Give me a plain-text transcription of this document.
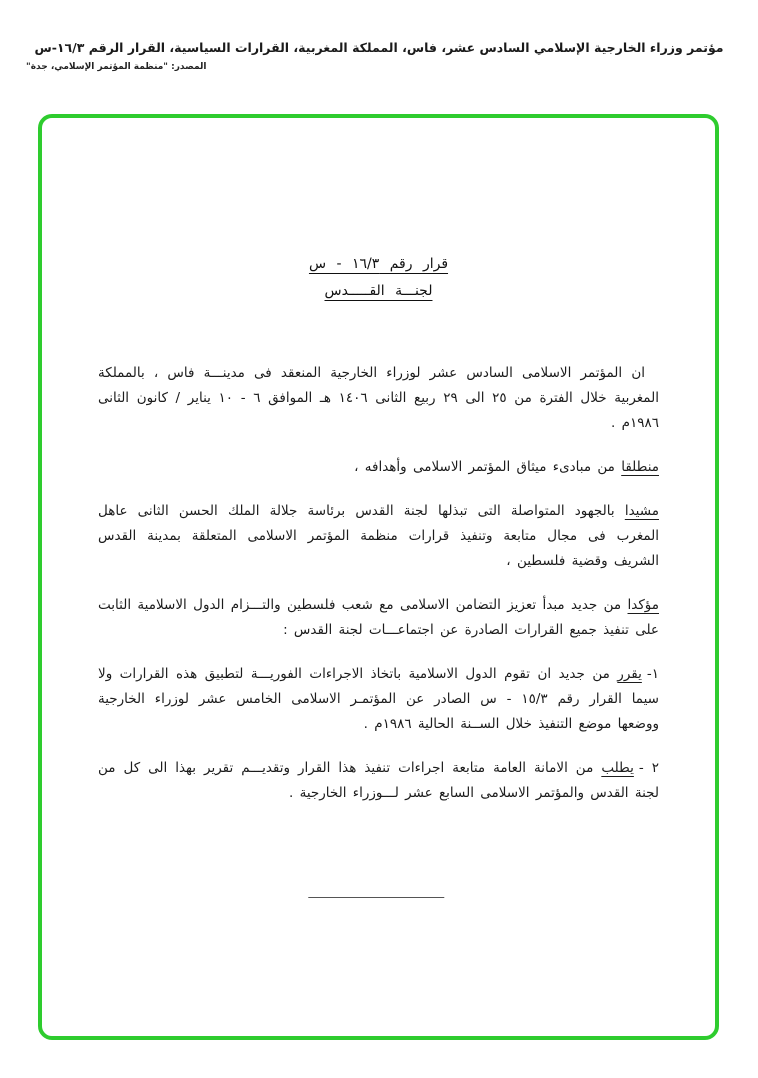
مؤتمر وزراء الخارجية الإسلامي السادس عشر، فاس، المملكة المغربية، القرارات السياسية، القرار الرقم ١٦/٣-س
المصدر: "منظمة المؤتمر الإسلامي، جدة"
قرار رقم ١٦/٣ - س
لجنـــة القـــــدس

ان المؤتمر الاسلامى السادس عشر لوزراء الخارجية المنعقد فى مدينـــة فاس ، بالمملكة المغربية خلال الفترة من ٢٥ الى ٢٩ ربيع الثانى ١٤٠٦ هـ الموافق ٦ - ١٠ يناير / كانون الثانى ١٩٨٦م .

منطلقا من مبادىء ميثاق المؤتمر الاسلامى وأهدافه ،

مشيدا بالجهود المتواصلة التى تبذلها لجنة القدس برئاسة جلالة الملك الحسن الثانى عاهل المغرب فى مجال متابعة وتنفيذ قرارات منظمة المؤتمر الاسلامى المتعلقة بمدينة القدس الشريف وقضية فلسطين ،

مؤكدا من جديد مبدأ تعزيز التضامن الاسلامى مع شعب فلسطين والتـــزام الدول الاسلامية الثابت على تنفيذ جميع القرارات الصادرة عن اجتماعـــات لجنة القدس :

١-يقرر من جديد ان تقوم الدول الاسلامية باتخاذ الاجراءات الفوريـــة لتطبيق هذه القرارات ولا سيما القرار رقم ١٥/٣ - س الصادر عن المؤتمـر الاسلامى الخامس عشر لوزراء الخارجية ووضعها موضع التنفيذ خلال الســنة الحالية ١٩٨٦م .

٢ -يطلب من الامانة العامة متابعة اجراءات تنفيذ هذا القرار وتقديـــم تقرير بهذا الى كل من لجنة القدس والمؤتمر الاسلامى السابع عشر لـــوزراء الخارجية .
